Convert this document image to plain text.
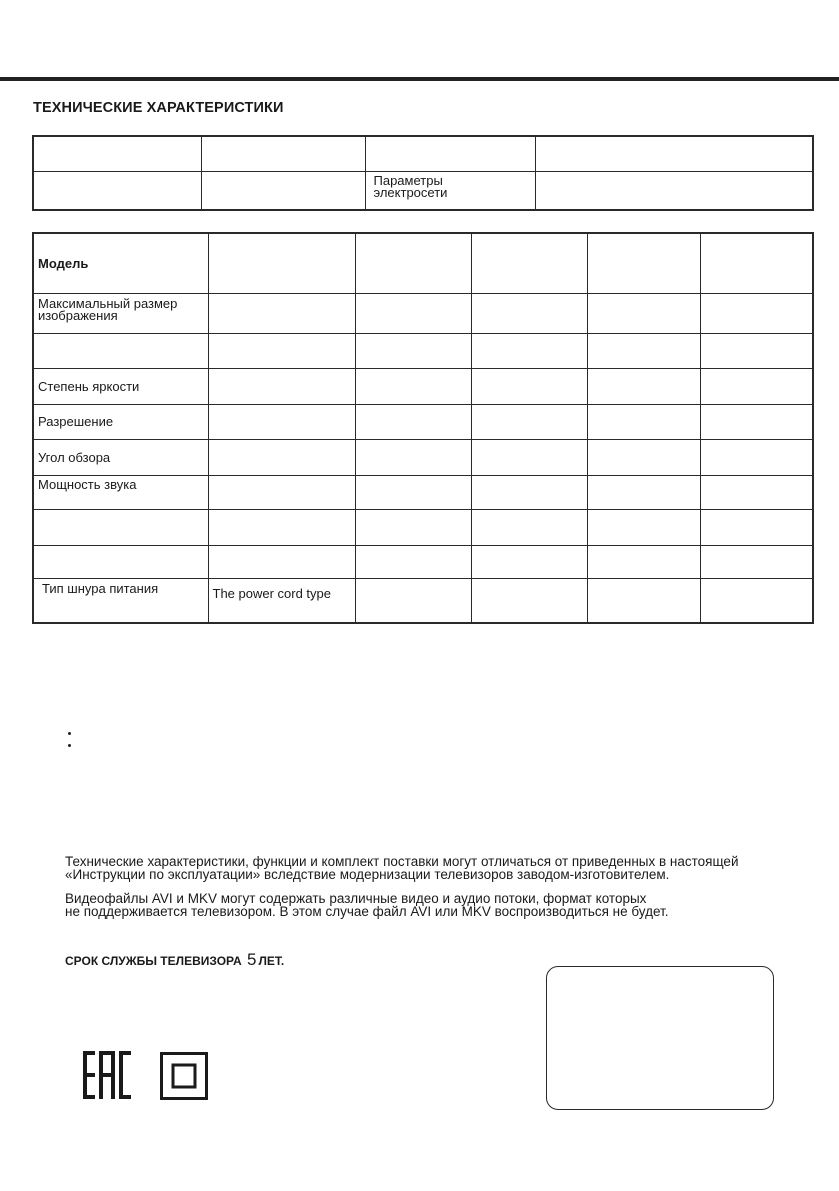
ТЕХНИЧЕСКИЕ ХАРАКТЕРИСТИКИ

		Параметры
электросети	
Модель					
Максимальный размер
изображения					

Степень яркости					
Разрешение					
Угол обзора					
Мощность звука					

Тип шнура питания	The power cord type				

Технические характеристики, функции и комплект поставки могут отличаться от приведенных в настоящей
«Инструкции по эксплуатации» вследствие модернизации телевизоров заводом-изготовителем.

Видеофайлы AVI и MKV могут содержать различные видео и аудио потоки, формат которых
не поддерживается телевизором. В этом случае файл AVI или MKV воспроизводиться не будет.

СРОК СЛУЖБЫ ТЕЛЕВИЗОРА 5 ЛЕТ.
